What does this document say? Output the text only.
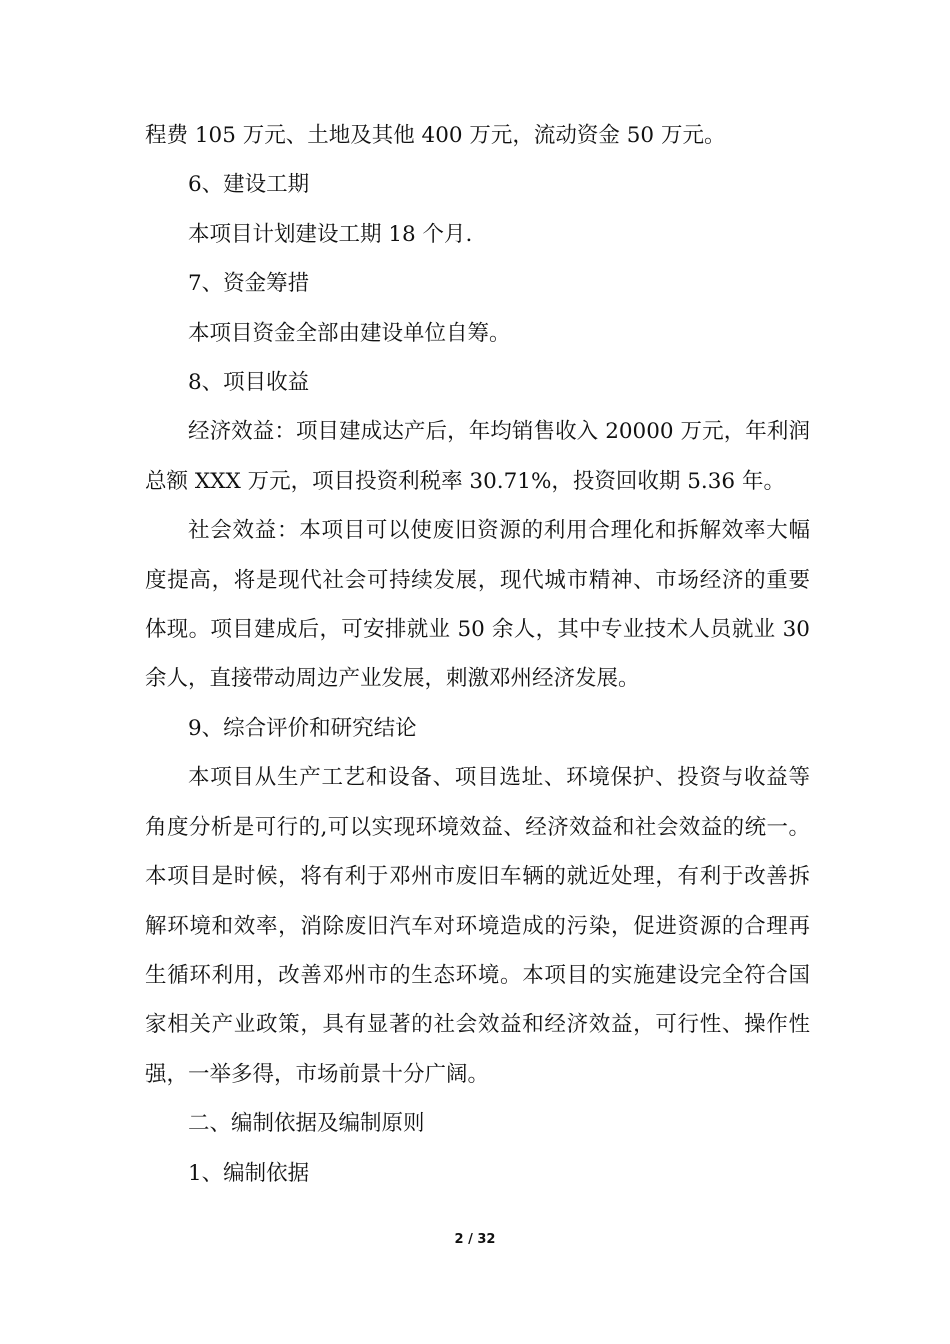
程费 105 万元、土地及其他 400 万元，流动资金 50 万元。

6、建设工期

本项目计划建设工期 18 个月.

7、资金筹措

本项目资金全部由建设单位自筹。

8、项目收益

经济效益：项目建成达产后，年均销售收入 20000 万元，年利润总额 XXX 万元，项目投资利税率 30.71%，投资回收期 5.36 年。

社会效益：本项目可以使废旧资源的利用合理化和拆解效率大幅度提高，将是现代社会可持续发展，现代城市精神、市场经济的重要体现。项目建成后，可安排就业 50 余人，其中专业技术人员就业 30 余人，直接带动周边产业发展，刺激邓州经济发展。

9、综合评价和研究结论

本项目从生产工艺和设备、项目选址、环境保护、投资与收益等角度分析是可行的,可以实现环境效益、经济效益和社会效益的统一。本项目是时候，将有利于邓州市废旧车辆的就近处理，有利于改善拆解环境和效率，消除废旧汽车对环境造成的污染，促进资源的合理再生循环利用，改善邓州市的生态环境。本项目的实施建设完全符合国家相关产业政策，具有显著的社会效益和经济效益，可行性、操作性强，一举多得，市场前景十分广阔。

二、编制依据及编制原则

1、编制依据

2 / 32
